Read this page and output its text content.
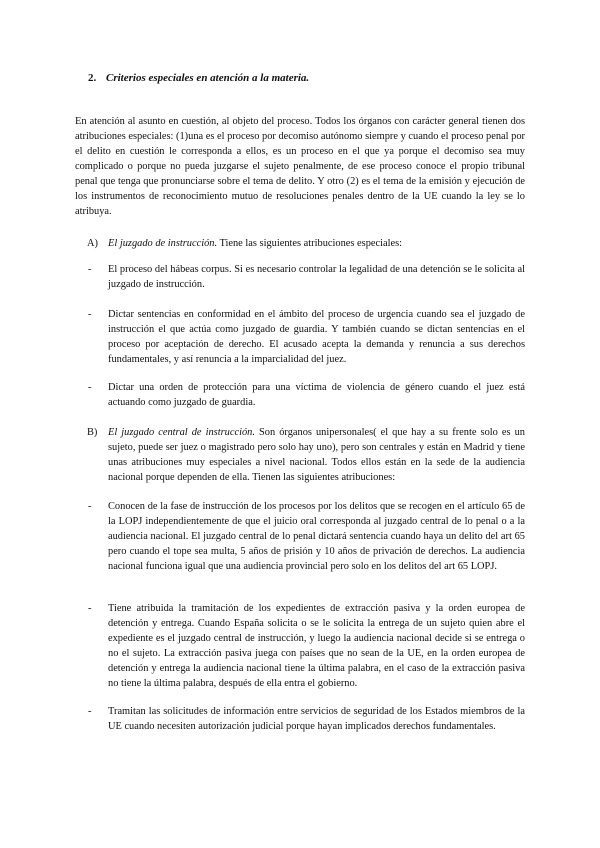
2. Criterios especiales en atención a la materia.

En atención al asunto en cuestión, al objeto del proceso. Todos los órganos con carácter general tienen dos atribuciones especiales: (1)una es el proceso por decomiso autónomo siempre y cuando el proceso penal por el delito en cuestión le corresponda a ellos, es un proceso en el que ya porque el decomiso sea muy complicado o porque no pueda juzgarse el sujeto penalmente, de ese proceso conoce el propio tribunal penal que tenga que pronunciarse sobre el tema de delito. Y otro (2) es el tema de la emisión y ejecución de los instrumentos de reconocimiento mutuo de resoluciones penales dentro de la UE cuando la ley se lo atribuya.

A) El juzgado de instrucción. Tiene las siguientes atribuciones especiales:
- El proceso del hábeas corpus. Si es necesario controlar la legalidad de una detención se le solicita al juzgado de instrucción.
- Dictar sentencias en conformidad en el ámbito del proceso de urgencia cuando sea el juzgado de instrucción el que actúa como juzgado de guardia. Y también cuando se dictan sentencias en el proceso por aceptación de derecho. El acusado acepta la demanda y renuncia a sus derechos fundamentales, y así renuncia a la imparcialidad del juez.
- Dictar una orden de protección para una víctima de violencia de género cuando el juez está actuando como juzgado de guardia.
B) El juzgado central de instrucción. Son órganos unipersonales( el que hay a su frente solo es un sujeto, puede ser juez o magistrado pero solo hay uno), pero son centrales y están en Madrid y tiene unas atribuciones muy especiales a nivel nacional. Todos ellos están en la sede de la audiencia nacional porque dependen de ella. Tienen las siguientes atribuciones:
- Conocen de la fase de instrucción de los procesos por los delitos que se recogen en el artículo 65 de la LOPJ independientemente de que el juicio oral corresponda al juzgado central de lo penal o a la audiencia nacional. El juzgado central de lo penal dictará sentencia cuando haya un delito del art 65 pero cuando el tope sea multa, 5 años de prisión y 10 años de privación de derechos. La audiencia nacional funciona igual que una audiencia provincial pero solo en los delitos del art 65 LOPJ.
- Tiene atribuida la tramitación de los expedientes de extracción pasiva y la orden europea de detención y entrega. Cuando España solicita o se le solicita la entrega de un sujeto quien abre el expediente es el juzgado central de instrucción, y luego la audiencia nacional decide si se entrega o no el sujeto. La extracción pasiva juega con países que no sean de la UE, en la orden europea de detención y entrega la audiencia nacional tiene la última palabra, en el caso de la extracción pasiva no tiene la última palabra, después de ella entra el gobierno.
- Tramitan las solicitudes de información entre servicios de seguridad de los Estados miembros de la UE cuando necesiten autorización judicial porque hayan implicados derechos fundamentales.
